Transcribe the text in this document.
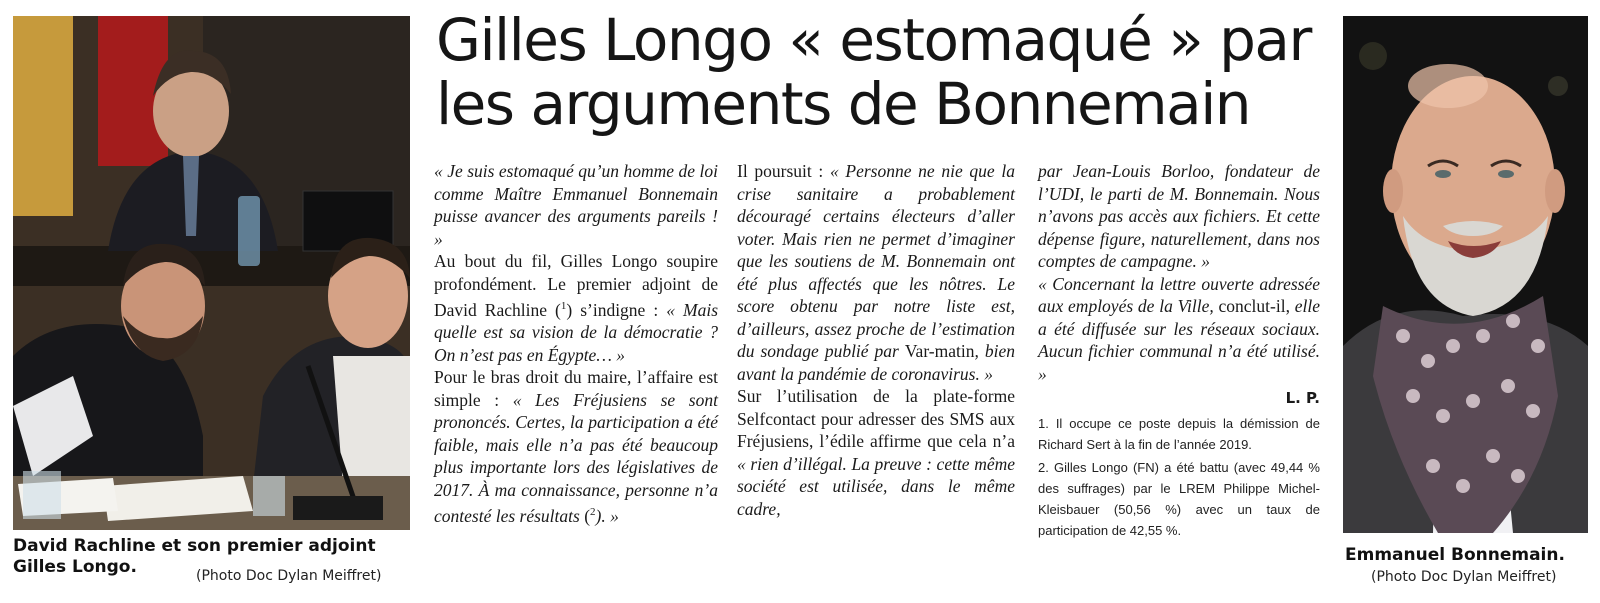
David Rachline et son premier adjoint Gilles Longo.	(Photo Doc Dylan Meiffret)
Gilles Longo « estomaqué » par les arguments de Bonnemain

« Je suis estomaqué qu’un homme de loi comme Maître Emmanuel Bonnemain puisse avancer des arguments pareils ! »

Au bout du fil, Gilles Longo soupire profondément. Le premier adjoint de David Rachline ($^1$) s’indigne : « Mais quelle est sa vision de la démocratie ? On n’est pas en Égypte… »

Pour le bras droit du maire, l’affaire est simple : « Les Fréjusiens se sont prononcés. Certes, la participation a été faible, mais elle n’a pas été beaucoup plus importante lors des législatives de 2017. À ma connaissance, personne n’a contesté les résultats ($^2$). »

Il poursuit : « Personne ne nie que la crise sanitaire a probablement découragé certains électeurs d’aller voter. Mais rien ne permet d’imaginer que les soutiens de M. Bonnemain ont été plus affectés que les nôtres. Le score obtenu par notre liste est, d’ailleurs, assez proche de l’estimation du sondage publié par Var-matin, bien avant la pandémie de coronavirus. »

Sur l’utilisation de la plate-forme Selfcontact pour adresser des SMS aux Fréjusiens, l’édile affirme que cela n’a « rien d’illégal. La preuve : cette même société est utilisée, dans le même cadre,

par Jean-Louis Borloo, fondateur de l’UDI, le parti de M. Bonnemain. Nous n’avons pas accès aux fichiers. Et cette dépense figure, naturellement, dans nos comptes de campagne. »

« Concernant la lettre ouverte adressée aux employés de la Ville, conclut-il, elle a été diffusée sur les réseaux sociaux. Aucun fichier communal n’a été utilisé. »

L. P.
1. Il occupe ce poste depuis la démission de Richard Sert à la fin de l’année 2019.
2. Gilles Longo (FN) a été battu (avec 49,44 % des suffrages) par le LREM Philippe Michel-Kleisbauer (50,56 %) avec un taux de participation de 42,55 %.
Emmanuel Bonnemain.
(Photo Doc Dylan Meiffret)
